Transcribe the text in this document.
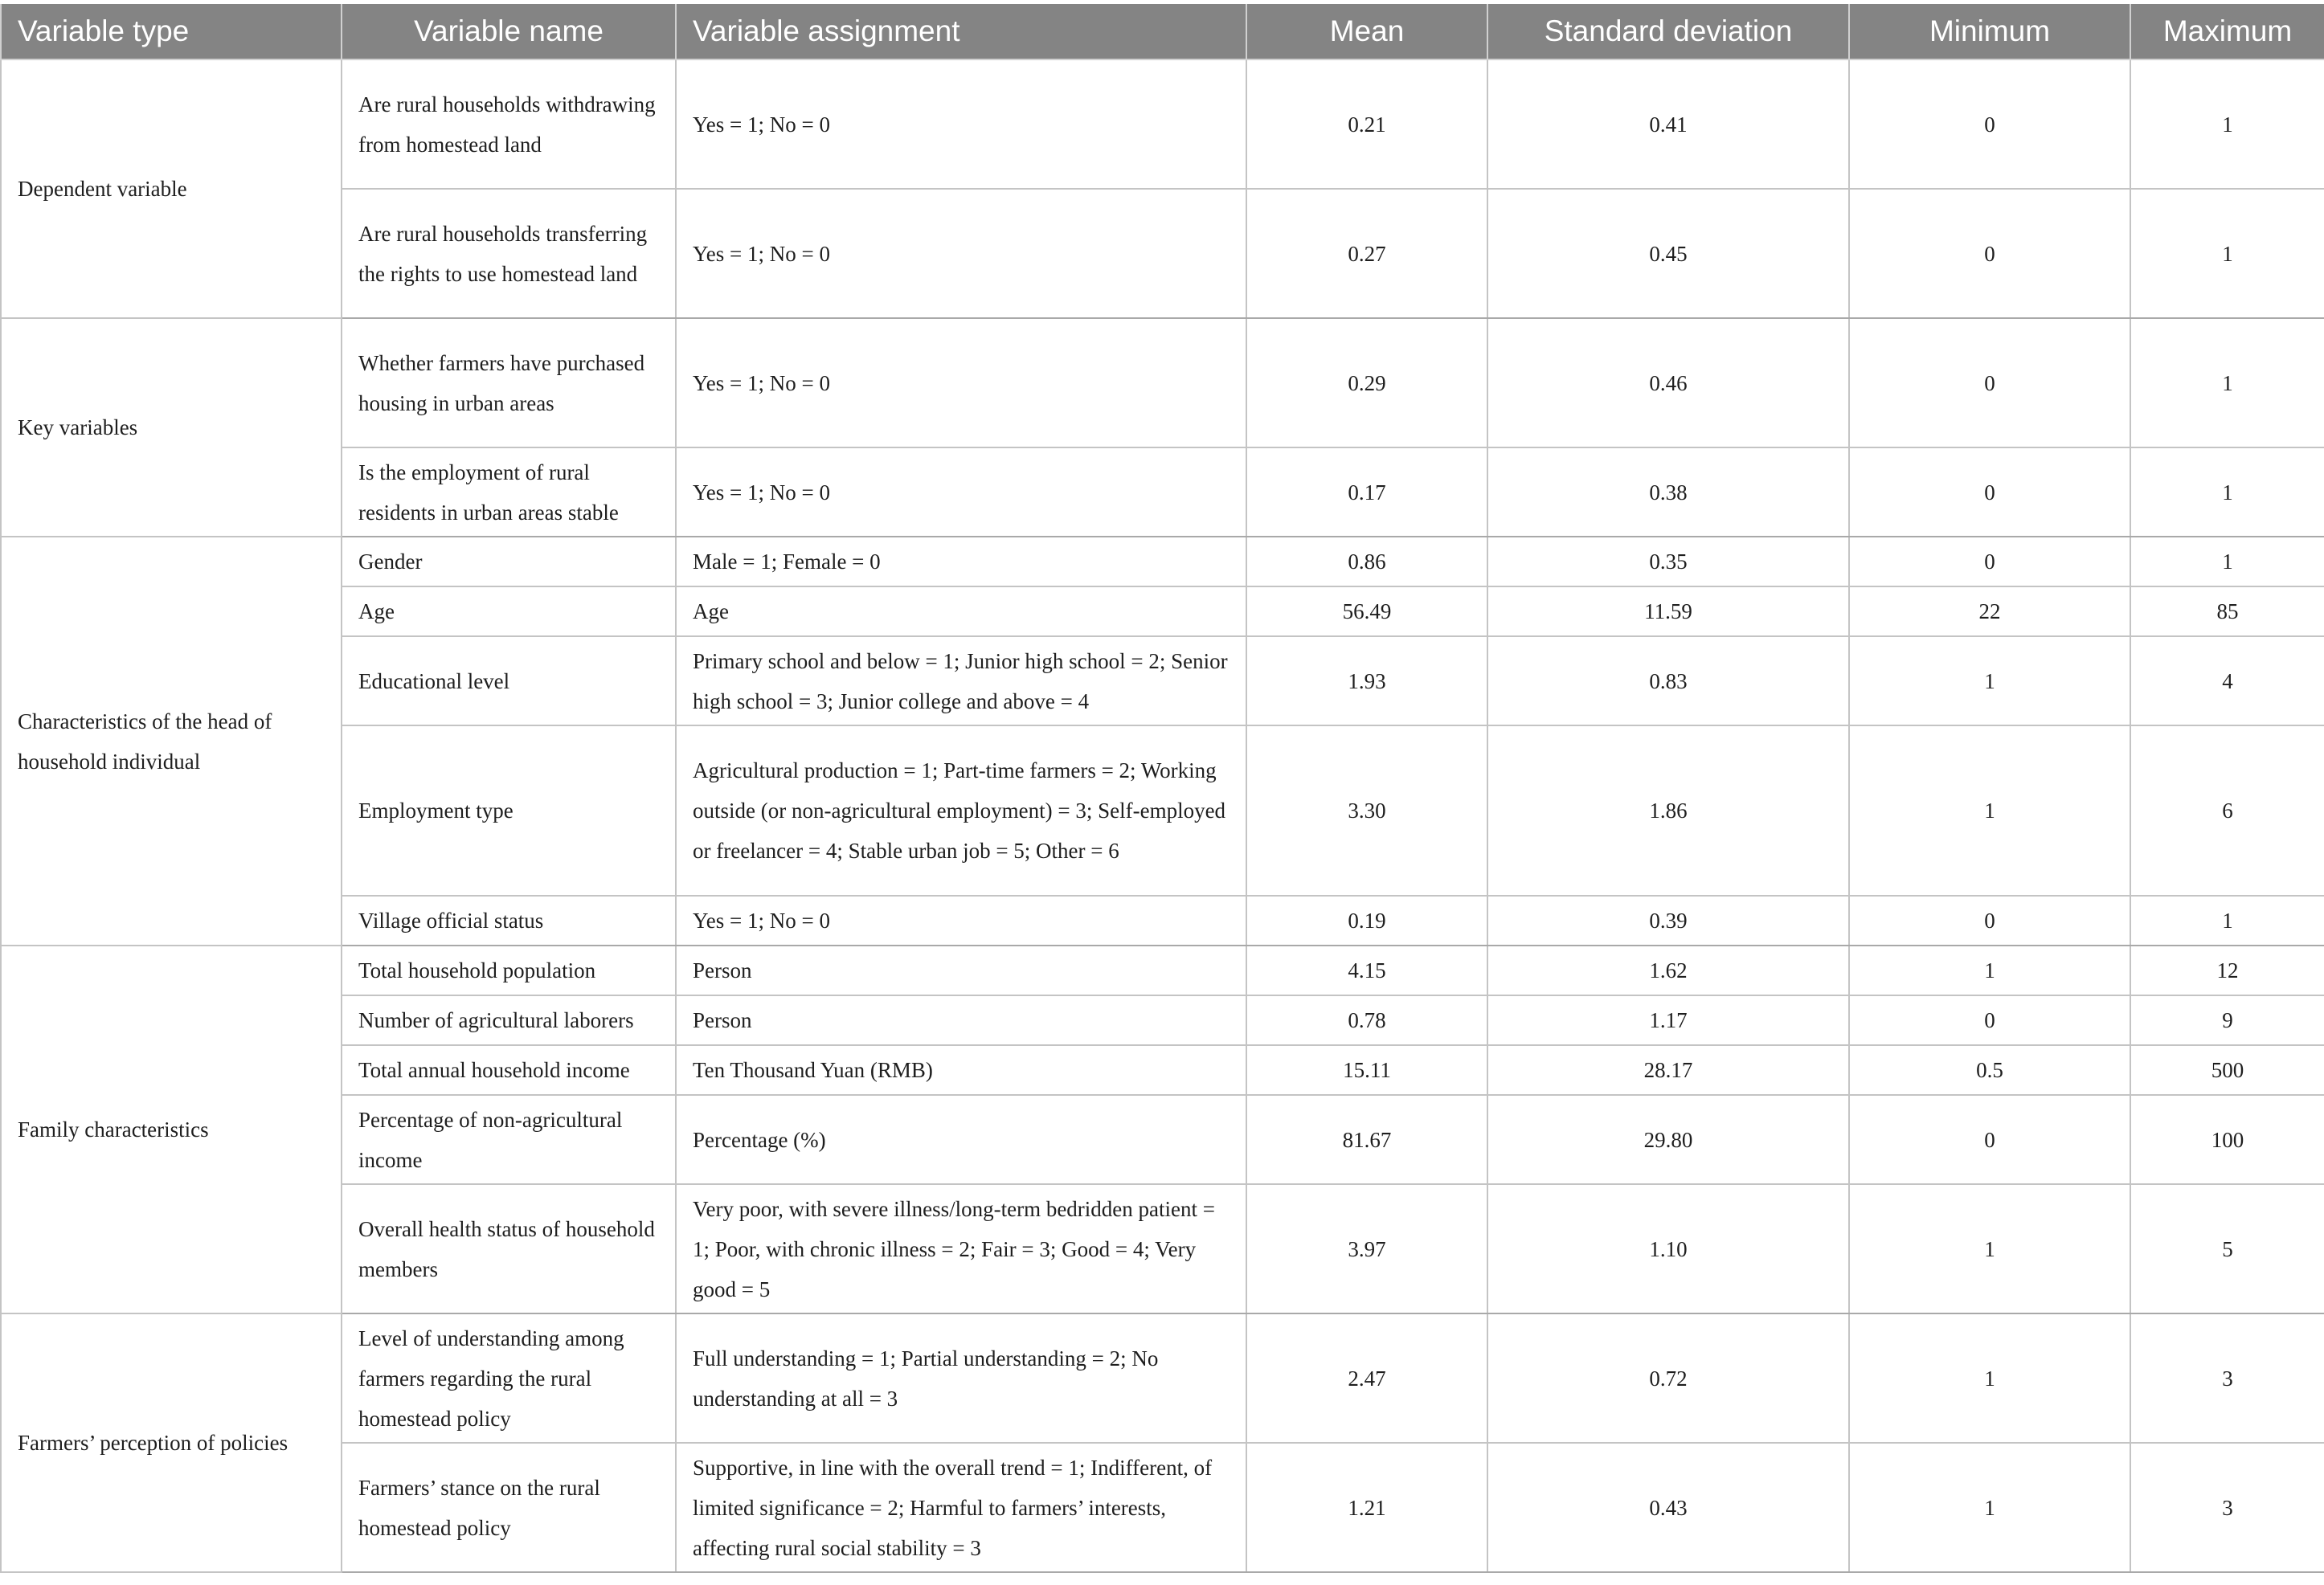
Variable type	Variable name	Variable assignment	Mean	Standard deviation	Minimum	Maximum
Dependent variable	Are rural households withdrawing from homestead land	Yes = 1; No = 0	0.21	0.41	0	1
	Are rural households transferring the rights to use homestead land	Yes = 1; No = 0	0.27	0.45	0	1
Key variables	Whether farmers have purchased housing in urban areas	Yes = 1; No = 0	0.29	0.46	0	1
	Is the employment of rural residents in urban areas stable	Yes = 1; No = 0	0.17	0.38	0	1
Characteristics of the head of household individual	Gender	Male = 1; Female = 0	0.86	0.35	0	1
	Age	Age	56.49	11.59	22	85
	Educational level	Primary school and below = 1; Junior high school = 2; Senior high school = 3; Junior college and above = 4	1.93	0.83	1	4
	Employment type	Agricultural production = 1; Part-time farmers = 2; Working outside (or non-agricultural employment) = 3; Self-employed or freelancer = 4; Stable urban job = 5; Other = 6	3.30	1.86	1	6
	Village official status	Yes = 1; No = 0	0.19	0.39	0	1
Family characteristics	Total household population	Person	4.15	1.62	1	12
	Number of agricultural laborers	Person	0.78	1.17	0	9
	Total annual household income	Ten Thousand Yuan (RMB)	15.11	28.17	0.5	500
	Percentage of non-agricultural income	Percentage (%)	81.67	29.80	0	100
	Overall health status of household members	Very poor, with severe illness/long-term bedridden patient = 1; Poor, with chronic illness = 2; Fair = 3; Good = 4; Very good = 5	3.97	1.10	1	5
Farmers’ perception of policies	Level of understanding among farmers regarding the rural homestead policy	Full understanding = 1; Partial understanding = 2; No understanding at all = 3	2.47	0.72	1	3
	Farmers’ stance on the rural homestead policy	Supportive, in line with the overall trend = 1; Indifferent, of limited significance = 2; Harmful to farmers’ interests, affecting rural social stability = 3	1.21	0.43	1	3
